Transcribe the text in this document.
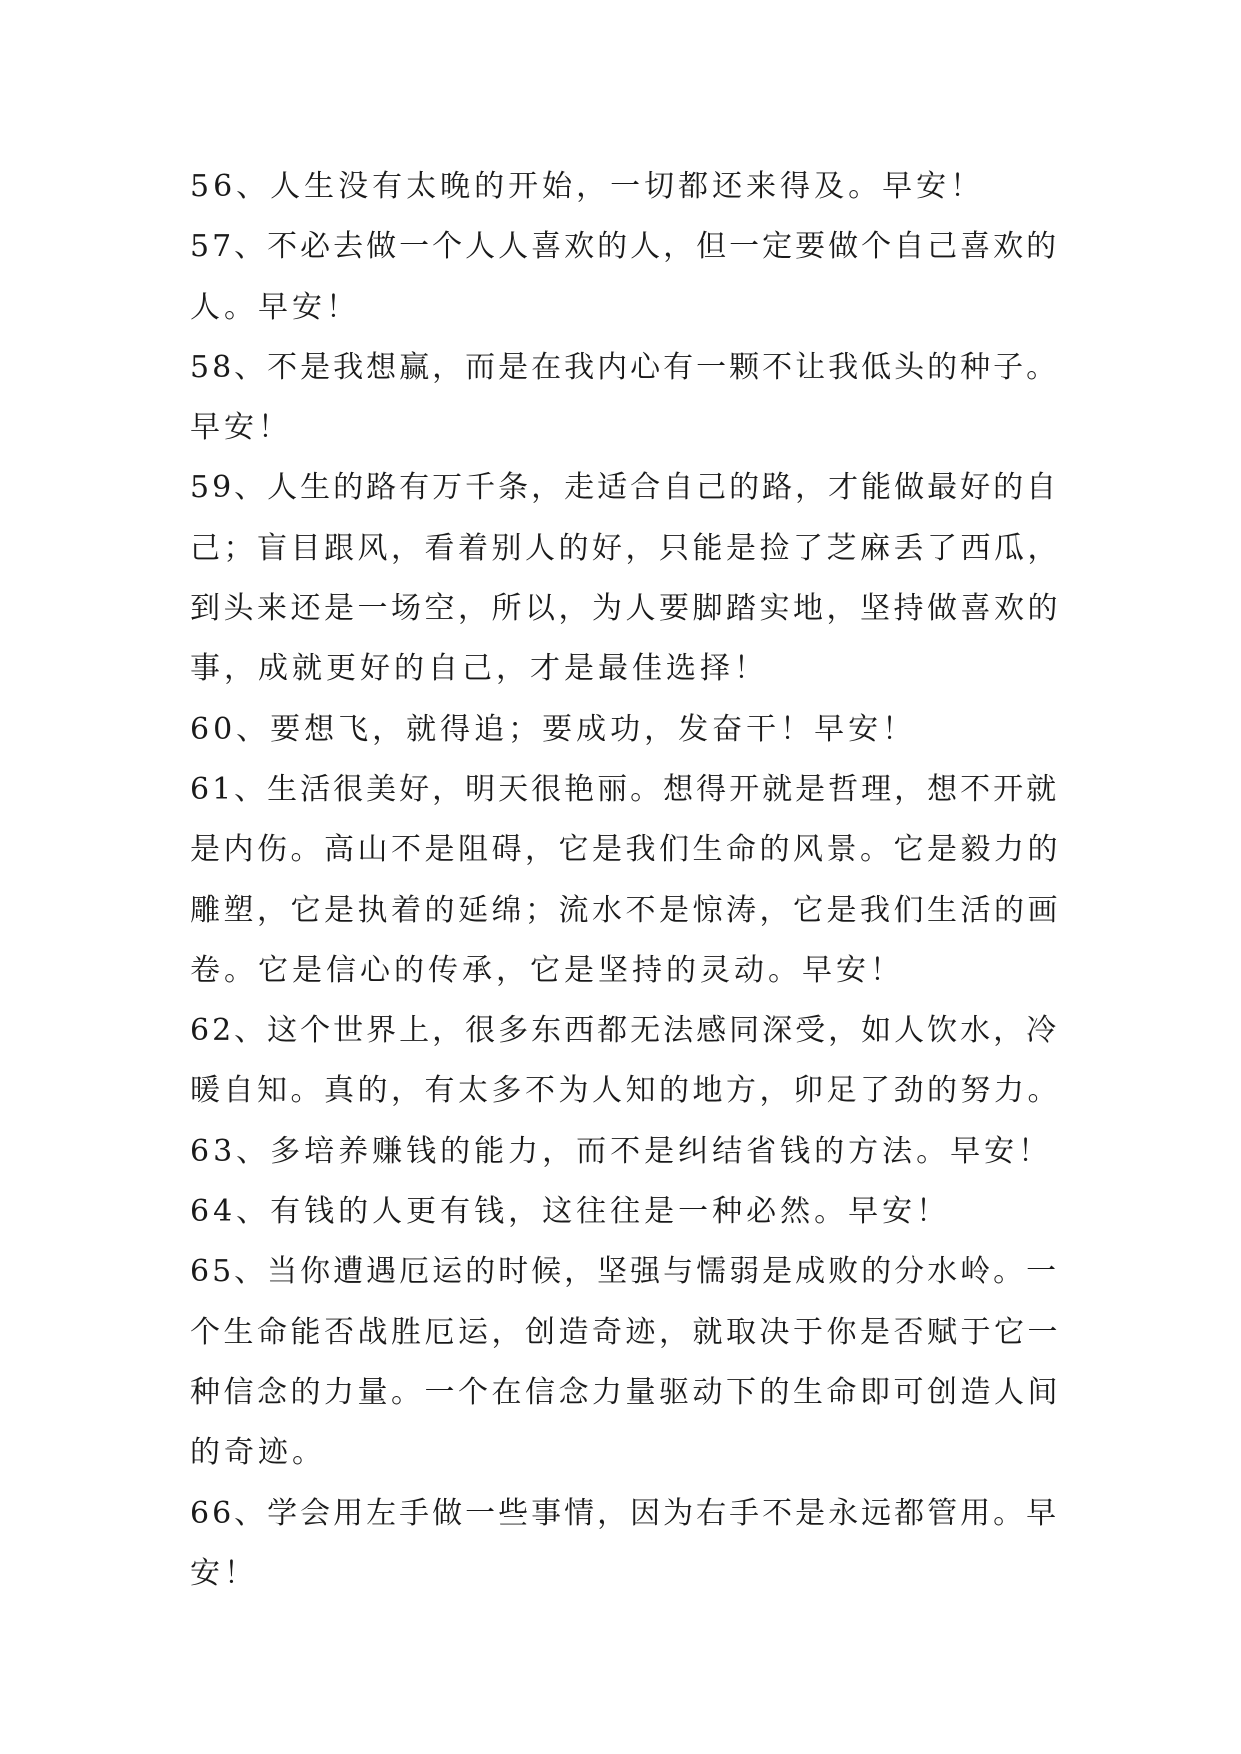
56、人生没有太晚的开始，一切都还来得及。早安！
57、不必去做一个人人喜欢的人，但一定要做个自己喜欢的
人。早安！
58、不是我想赢，而是在我内心有一颗不让我低头的种子。
早安！
59、人生的路有万千条，走适合自己的路，才能做最好的自
己；盲目跟风，看着别人的好，只能是捡了芝麻丢了西瓜，
到头来还是一场空，所以，为人要脚踏实地，坚持做喜欢的
事，成就更好的自己，才是最佳选择！
60、要想飞，就得追；要成功，发奋干！早安！
61、生活很美好，明天很艳丽。想得开就是哲理，想不开就
是内伤。高山不是阻碍，它是我们生命的风景。它是毅力的
雕塑，它是执着的延绵；流水不是惊涛，它是我们生活的画
卷。它是信心的传承，它是坚持的灵动。早安！
62、这个世界上，很多东西都无法感同深受，如人饮水，冷
暖自知。真的，有太多不为人知的地方，卯足了劲的努力。
63、多培养赚钱的能力，而不是纠结省钱的方法。早安！
64、有钱的人更有钱，这往往是一种必然。早安！
65、当你遭遇厄运的时候，坚强与懦弱是成败的分水岭。一
个生命能否战胜厄运，创造奇迹，就取决于你是否赋于它一
种信念的力量。一个在信念力量驱动下的生命即可创造人间
的奇迹。
66、学会用左手做一些事情，因为右手不是永远都管用。早
安！
